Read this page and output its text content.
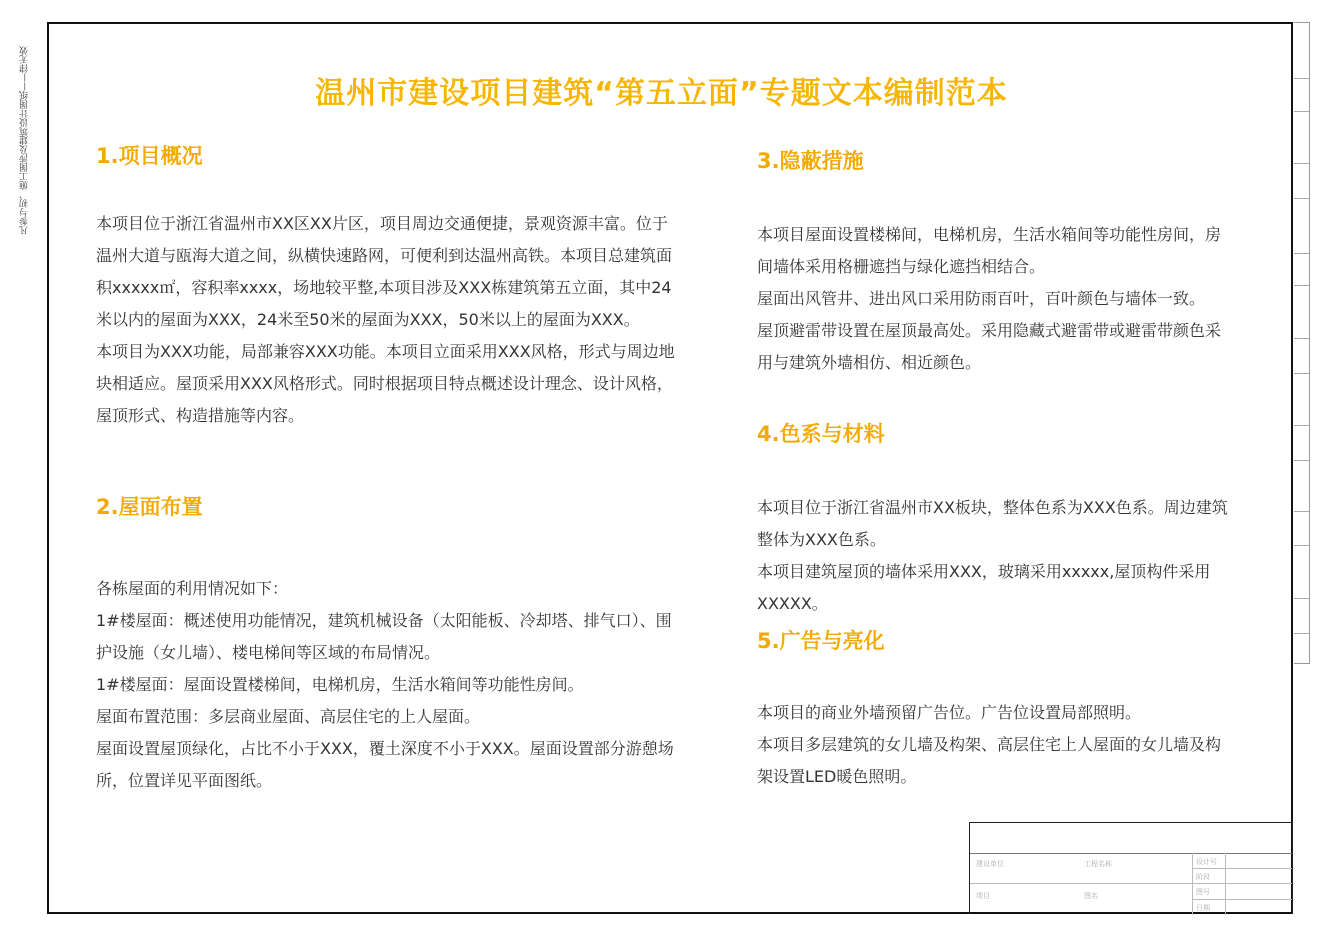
凡参与初、施工图涉及建筑设计图纸——律无效	温州市建设项目建筑“第五立面”专题文本编制范本
1.项目概况

本项目位于浙江省温州市XX区XX片区，项目周边交通便捷，景观资源丰富。位于温州大道与瓯海大道之间，纵横快速路网，可便利到达温州高铁。本项目总建筑面积xxxxx㎡，容积率xxxx，场地较平整,本项目涉及XXX栋建筑第五立面，其中24米以内的屋面为XXX，24米至50米的屋面为XXX，50米以上的屋面为XXX。

本项目为XXX功能，局部兼容XXX功能。本项目立面采用XXX风格，形式与周边地块相适应。屋顶采用XXX风格形式。同时根据项目特点概述设计理念、设计风格，屋顶形式、构造措施等内容。

2.屋面布置

各栋屋面的利用情况如下：

1#楼屋面：概述使用功能情况，建筑机械设备（太阳能板、冷却塔、排气口）、围护设施（女儿墙）、楼电梯间等区域的布局情况。

1#楼屋面：屋面设置楼梯间，电梯机房，生活水箱间等功能性房间。

屋面布置范围：多层商业屋面、高层住宅的上人屋面。

屋面设置屋顶绿化，占比不小于XXX，覆土深度不小于XXX。屋面设置部分游憩场所，位置详见平面图纸。

3.隐蔽措施

本项目屋面设置楼梯间，电梯机房，生活水箱间等功能性房间，房间墙体采用格栅遮挡与绿化遮挡相结合。

屋面出风管井、进出风口采用防雨百叶，百叶颜色与墙体一致。

屋顶避雷带设置在屋顶最高处。采用隐藏式避雷带或避雷带颜色采用与建筑外墙相仿、相近颜色。

4.色系与材料

本项目位于浙江省温州市XX板块，整体色系为XXX色系。周边建筑整体为XXX色系。

本项目建筑屋顶的墙体采用XXX，玻璃采用xxxxx,屋顶构件采用XXXXX。

5.广告与亮化

本项目的商业外墙预留广告位。广告位设置局部照明。

本项目多层建筑的女儿墙及构架、高层住宅上人屋面的女儿墙及构架设置LED暖色照明。

建设单位	工程名称
项目	图名
设计号
阶段
图号
日期
